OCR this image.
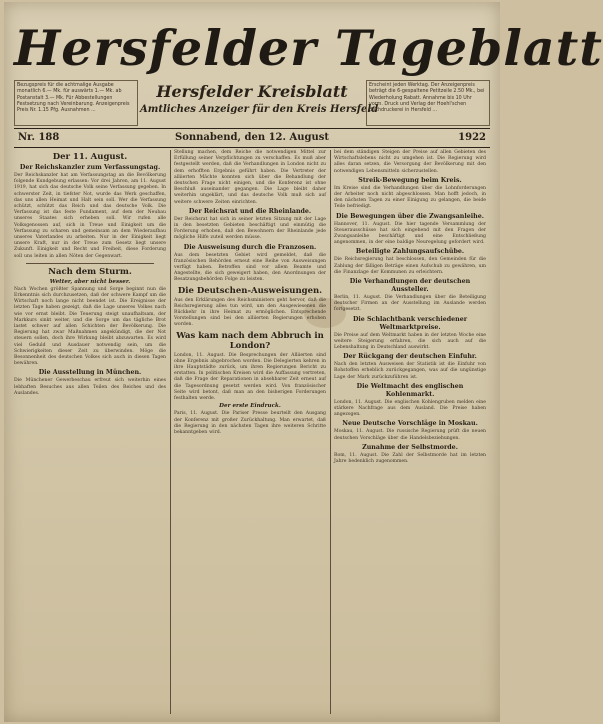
Hersfelder Tageblatt
Bezugspreis für die achtmalige Ausgabe monatlich 6.— Mk. für auswärts 1.— Mk. ab Postanstalt 3.— Mk. Für Abbestellungen Festsetzung nach Vereinbarung. Anzeigenpreis Preis Nr. 1.15 Pfg. Ausnahmen ...
Hersfelder Kreisblatt
Amtliches Anzeiger für den Kreis Hersfeld
Erscheint jeden Werktag. Der Anzeigenpreis beträgt die 6-gespaltene Petitzeile 2.50 Mk., bei Wiederholung Rabatt. Annahme bis 10 Uhr vorm. Druck und Verlag der Hoehl'schen Buchdruckerei in Hersfeld ...
Nr. 188	Sonnabend, den 12. August	1922
Der 11. August.
Der Reichskanzler zum Verfassungstag.

Der Reichskanzler hat am Verfassungstag an die Bevölkerung folgende Kundgebung erlassen: Vor drei Jahren, am 11. August 1919, hat sich das deutsche Volk seine Verfassung gegeben. In schwerster Zeit, in tiefster Not, wurde das Werk geschaffen, das uns allen Heimat und Halt sein soll. Wer die Verfassung schützt, schützt das Reich und das deutsche Volk. Die Verfassung ist das feste Fundament, auf dem der Neubau unseres Staates sich erheben soll. Wir rufen alle Volksgenossen auf, sich in Treue und Einigkeit um die Verfassung zu scharen und gemeinsam an dem Wiederaufbau unseres Vaterlandes zu arbeiten. Nur in der Einigkeit liegt unsere Kraft, nur in der Treue zum Gesetz liegt unsere Zukunft. Einigkeit und Recht und Freiheit, diese Forderung soll uns leiten in allen Nöten der Gegenwart.

Nach dem Sturm.
Wetter, aber nicht besser.

Nach Wochen größter Spannung und Sorge beginnt nun die Erkenntnis sich durchzusetzen, daß der schwere Kampf um die Wirtschaft noch lange nicht beendet ist. Die Ereignisse der letzten Tage haben gezeigt, daß die Lage unseres Volkes nach wie vor ernst bleibt. Die Teuerung steigt unaufhaltsam, der Markkurs sinkt weiter, und die Sorge um das tägliche Brot lastet schwer auf allen Schichten der Bevölkerung. Die Regierung hat zwar Maßnahmen angekündigt, die der Not steuern sollen, doch ihre Wirkung bleibt abzuwarten. Es wird viel Geduld und Ausdauer notwendig sein, um die Schwierigkeiten dieser Zeit zu überwinden. Möge die Besonnenheit des deutschen Volkes sich auch in diesen Tagen bewähren.

Die Ausstellung in München.

Die Münchener Gewerbeschau erfreut sich weiterhin eines lebhaften Besuches aus allen Teilen des Reiches und des Auslandes.

Stellung machen, dem Reiche die notwendigen Mittel zur Erfüllung seiner Verpflichtungen zu verschaffen. Es muß aber festgestellt werden, daß die Verhandlungen in London nicht zu dem erhofften Ergebnis geführt haben. Die Vertreter der alliierten Mächte konnten sich über die Behandlung der deutschen Frage nicht einigen, und die Konferenz ist ohne Beschluß auseinander gegangen. Die Lage bleibt daher weiterhin ungeklärt, und das deutsche Volk muß sich auf weitere schwere Zeiten einrichten.

Der Reichsrat und die Rheinlande.

Der Reichsrat hat sich in seiner letzten Sitzung mit der Lage in den besetzten Gebieten beschäftigt und einmütig die Forderung erhoben, daß den Bewohnern der Rheinlande jede mögliche Hilfe zuteil werden müsse.

Die Ausweisung durch die Franzosen.

Aus dem besetzten Gebiet wird gemeldet, daß die französischen Behörden erneut eine Reihe von Ausweisungen verfügt haben. Betroffen sind vor allem Beamte und Angestellte, die sich geweigert haben, den Anordnungen der Besatzungsbehörden Folge zu leisten.

Die Deutschen-Ausweisungen.

Aus den Erklärungen des Reichsministers geht hervor, daß die Reichsregierung alles tun wird, um den Ausgewiesenen die Rückkehr in ihre Heimat zu ermöglichen. Entsprechende Vorstellungen sind bei den alliierten Regierungen erhoben worden.

Was kam nach dem Abbruch in London?

London, 11. August. Die Besprechungen der Alliierten sind ohne Ergebnis abgebrochen worden. Die Delegierten kehren in ihre Hauptstädte zurück, um ihren Regierungen Bericht zu erstatten. In politischen Kreisen wird die Auffassung vertreten, daß die Frage der Reparationen in absehbarer Zeit erneut auf die Tagesordnung gesetzt werden wird. Von französischer Seite wird betont, daß man an den bisherigen Forderungen festhalten werde.

Der erste Eindruck.

Paris, 11. August. Die Pariser Presse beurteilt den Ausgang der Konferenz mit großer Zurückhaltung. Man erwartet, daß die Regierung in den nächsten Tagen ihre weiteren Schritte bekanntgeben wird.

bei dem ständigen Steigen der Preise auf allen Gebieten des Wirtschaftslebens nicht zu umgehen ist. Die Regierung wird alles daran setzen, die Versorgung der Bevölkerung mit den notwendigen Lebensmitteln sicherzustellen.

Streik-Bewegung beim Kreis.

Im Kreise sind die Verhandlungen über die Lohnforderungen der Arbeiter noch nicht abgeschlossen. Man hofft jedoch, in den nächsten Tagen zu einer Einigung zu gelangen, die beide Teile befriedigt.

Die Bewegungen über die Zwangsanleihe.

Hannover, 11. August. Die hier tagende Versammlung der Steuerausschüsse hat sich eingehend mit den Fragen der Zwangsanleihe beschäftigt und eine Entschließung angenommen, in der eine baldige Neuregelung gefordert wird.

Beteiligte Zahlungsaufschübe.

Die Reichsregierung hat beschlossen, den Gemeinden für die Zahlung der fälligen Beträge einen Aufschub zu gewähren, um die Finanzlage der Kommunen zu erleichtern.

Die Verhandlungen der deutschen Aussteller.

Berlin, 11. August. Die Verhandlungen über die Beteiligung deutscher Firmen an der Ausstellung im Auslande werden fortgesetzt.

Die Schlachtbank verschiedener Weltmarktpreise.

Die Preise auf dem Weltmarkt haben in der letzten Woche eine weitere Steigerung erfahren, die sich auch auf die Lebenshaltung in Deutschland auswirkt.

Der Rückgang der deutschen Einfuhr.

Nach den letzten Ausweisen der Statistik ist die Einfuhr von Rohstoffen erheblich zurückgegangen, was auf die ungünstige Lage der Mark zurückzuführen ist.

Die Weltmacht des englischen Kohlenmarkt.

London, 11. August. Die englischen Kohlengruben melden eine stärkere Nachfrage aus dem Ausland. Die Preise haben angezogen.

Neue Deutsche Vorschläge in Moskau.

Moskau, 11. August. Die russische Regierung prüft die neuen deutschen Vorschläge über die Handelsbeziehungen.

Zunahme der Selbstmorde.

Rom, 11. August. Die Zahl der Selbstmorde hat im letzten Jahre bedenklich zugenommen.
